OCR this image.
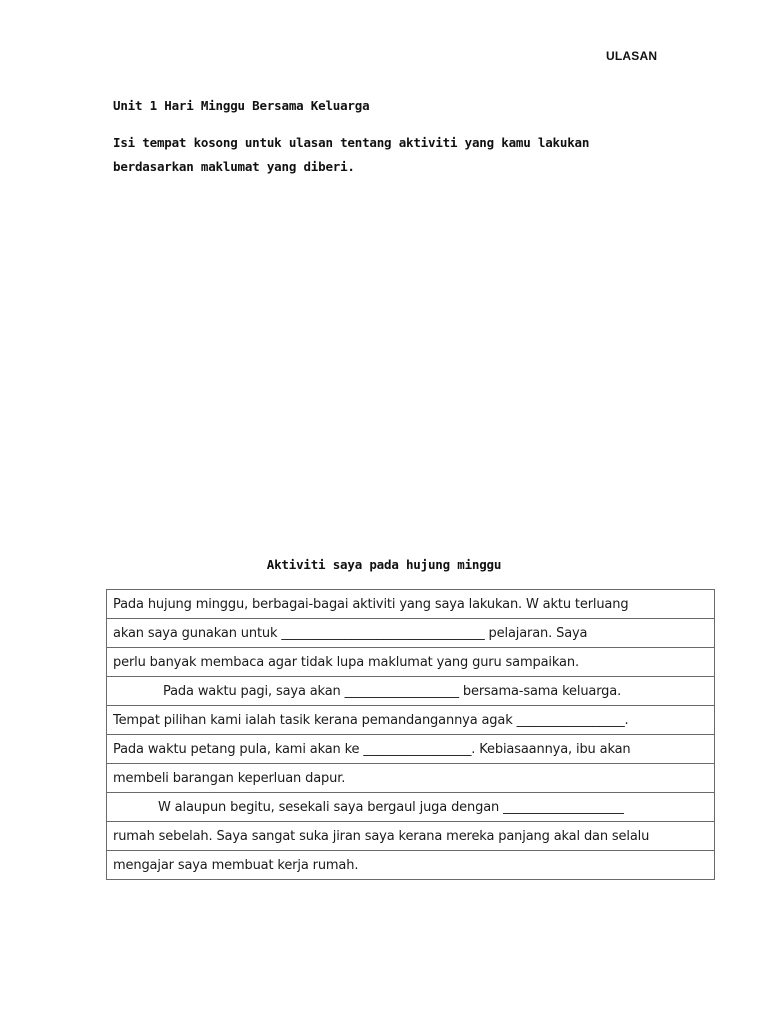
ULASAN
Unit 1 Hari Minggu Bersama Keluarga

Isi tempat kosong untuk ulasan tentang aktiviti yang kamu lakukan

berdasarkan maklumat yang diberi.

Aktiviti saya pada hujung minggu
Pada hujung minggu, berbagai-bagai aktiviti yang saya lakukan. W aktu terluang
akan saya gunakan untuk ________________________________ pelajaran. Saya
perlu banyak membaca agar tidak lupa maklumat yang guru sampaikan.
Pada waktu pagi, saya akan __________________ bersama-sama keluarga.
Tempat pilihan kami ialah tasik kerana pemandangannya agak _________________.
Pada waktu petang pula, kami akan ke _________________. Kebiasaannya, ibu akan
membeli barangan keperluan dapur.
W alaupun begitu, sesekali saya bergaul juga dengan ___________________
rumah sebelah. Saya sangat suka jiran saya kerana mereka panjang akal dan selalu
mengajar saya membuat kerja rumah.
